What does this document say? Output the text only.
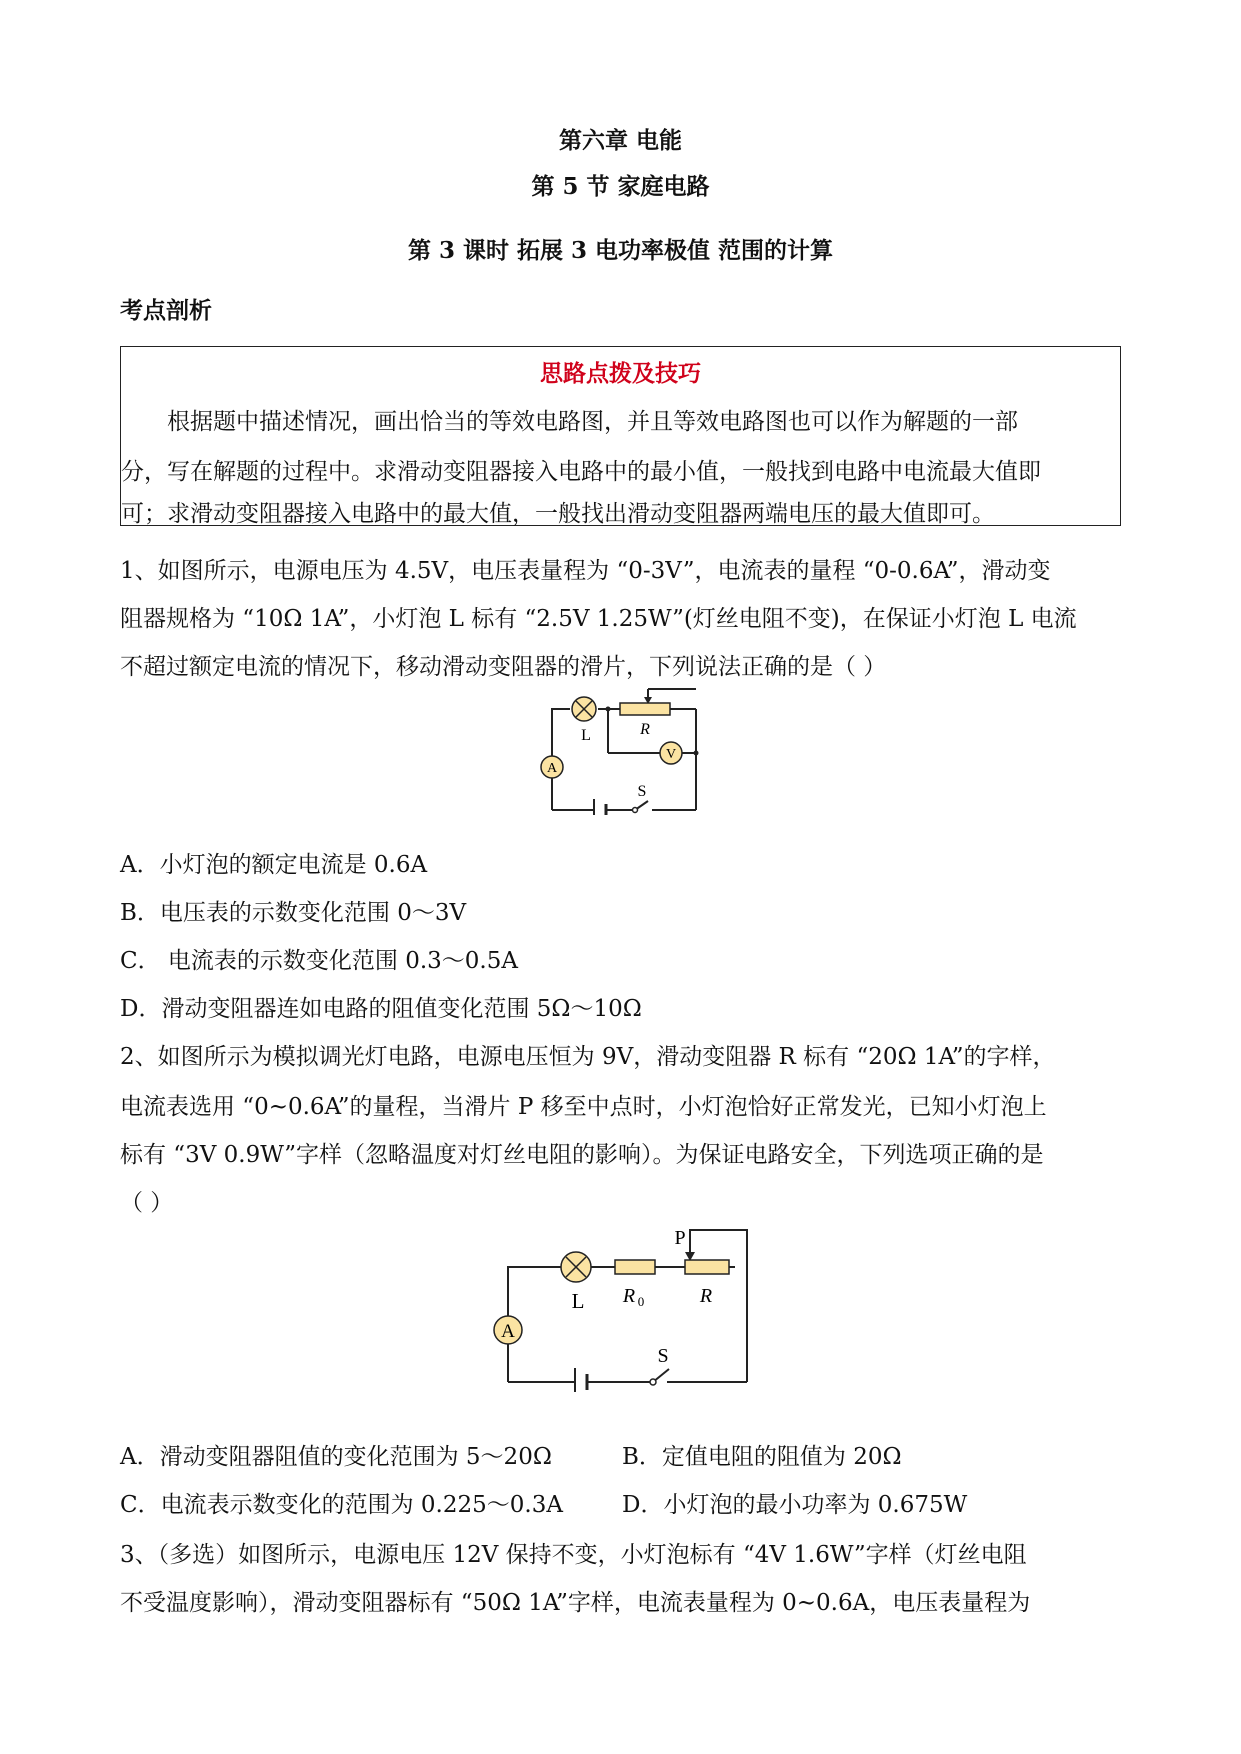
第六章 电能
第 5 节 家庭电路
第 3 课时 拓展 3 电功率极值 范围的计算
考点剖析
思路点拨及技巧
根据题中描述情况，画出恰当的等效电路图，并且等效电路图也可以作为解题的一部
分，写在解题的过程中。求滑动变阻器接入电路中的最小值，一般找到电路中电流最大值即
可；求滑动变阻器接入电路中的最大值，一般找出滑动变阻器两端电压的最大值即可。
1、如图所示，电源电压为 4.5V，电压表量程为 “0-3V”，电流表的量程 “0-0.6A”，滑动变
阻器规格为 “10Ω 1A”，小灯泡 L 标有 “2.5V 1.25W”(灯丝电阻不变)，在保证小灯泡 L 电流
不超过额定电流的情况下，移动滑动变阻器的滑片，下列说法正确的是（ ）
A
V
L	R
S
A．小灯泡的额定电流是 0.6A
B．电压表的示数变化范围 0～3V
C． 电流表的示数变化范围 0.3～0.5A
D．滑动变阻器连如电路的阻值变化范围 5Ω～10Ω
2、如图所示为模拟调光灯电路，电源电压恒为 9V，滑动变阻器 R 标有 “20Ω 1A”的字样，
电流表选用 “0~0.6A”的量程，当滑片 P 移至中点时，小灯泡恰好正常发光，已知小灯泡上
标有 “3V 0.9W”字样（忽略温度对灯丝电阻的影响）。为保证电路安全，下列选项正确的是
（ ）
A
L R 0	R
P
S
A．滑动变阻器阻值的变化范围为 5～20Ω	B．定值电阻的阻值为 20Ω
C．电流表示数变化的范围为 0.225～0.3A	D．小灯泡的最小功率为 0.675W
3、（多选）如图所示，电源电压 12V 保持不变，小灯泡标有 “4V 1.6W”字样（灯丝电阻
不受温度影响），滑动变阻器标有 “50Ω 1A”字样，电流表量程为 0~0.6A，电压表量程为
